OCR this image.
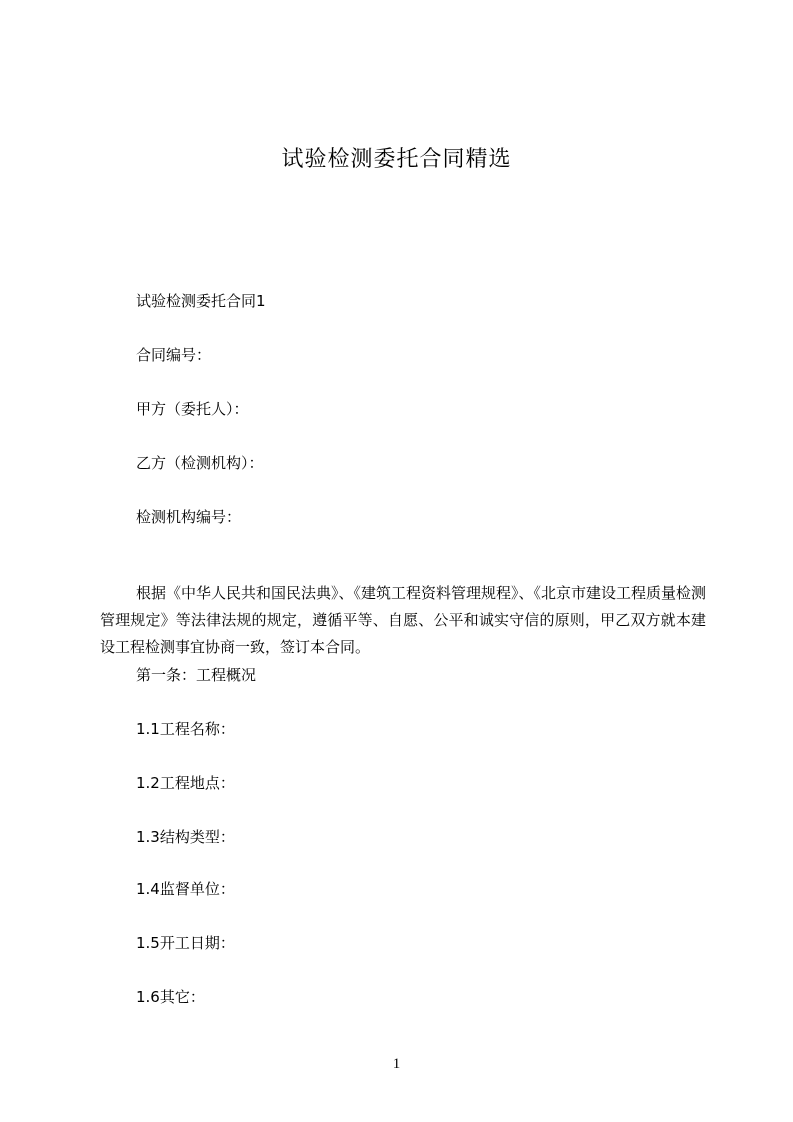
试验检测委托合同精选
试验检测委托合同1
合同编号：
甲方（委托人）：
乙方（检测机构）：
检测机构编号：
根据《中华人民共和国民法典》、《建筑工程资料管理规程》、《北京市建设工程质量检测管理规定》等法律法规的规定，遵循平等、自愿、公平和诚实守信的原则，甲乙双方就本建设工程检测事宜协商一致，签订本合同。
第一条：工程概况
1.1工程名称：
1.2工程地点：
1.3结构类型：
1.4监督单位：
1.5开工日期：
1.6其它：
1
